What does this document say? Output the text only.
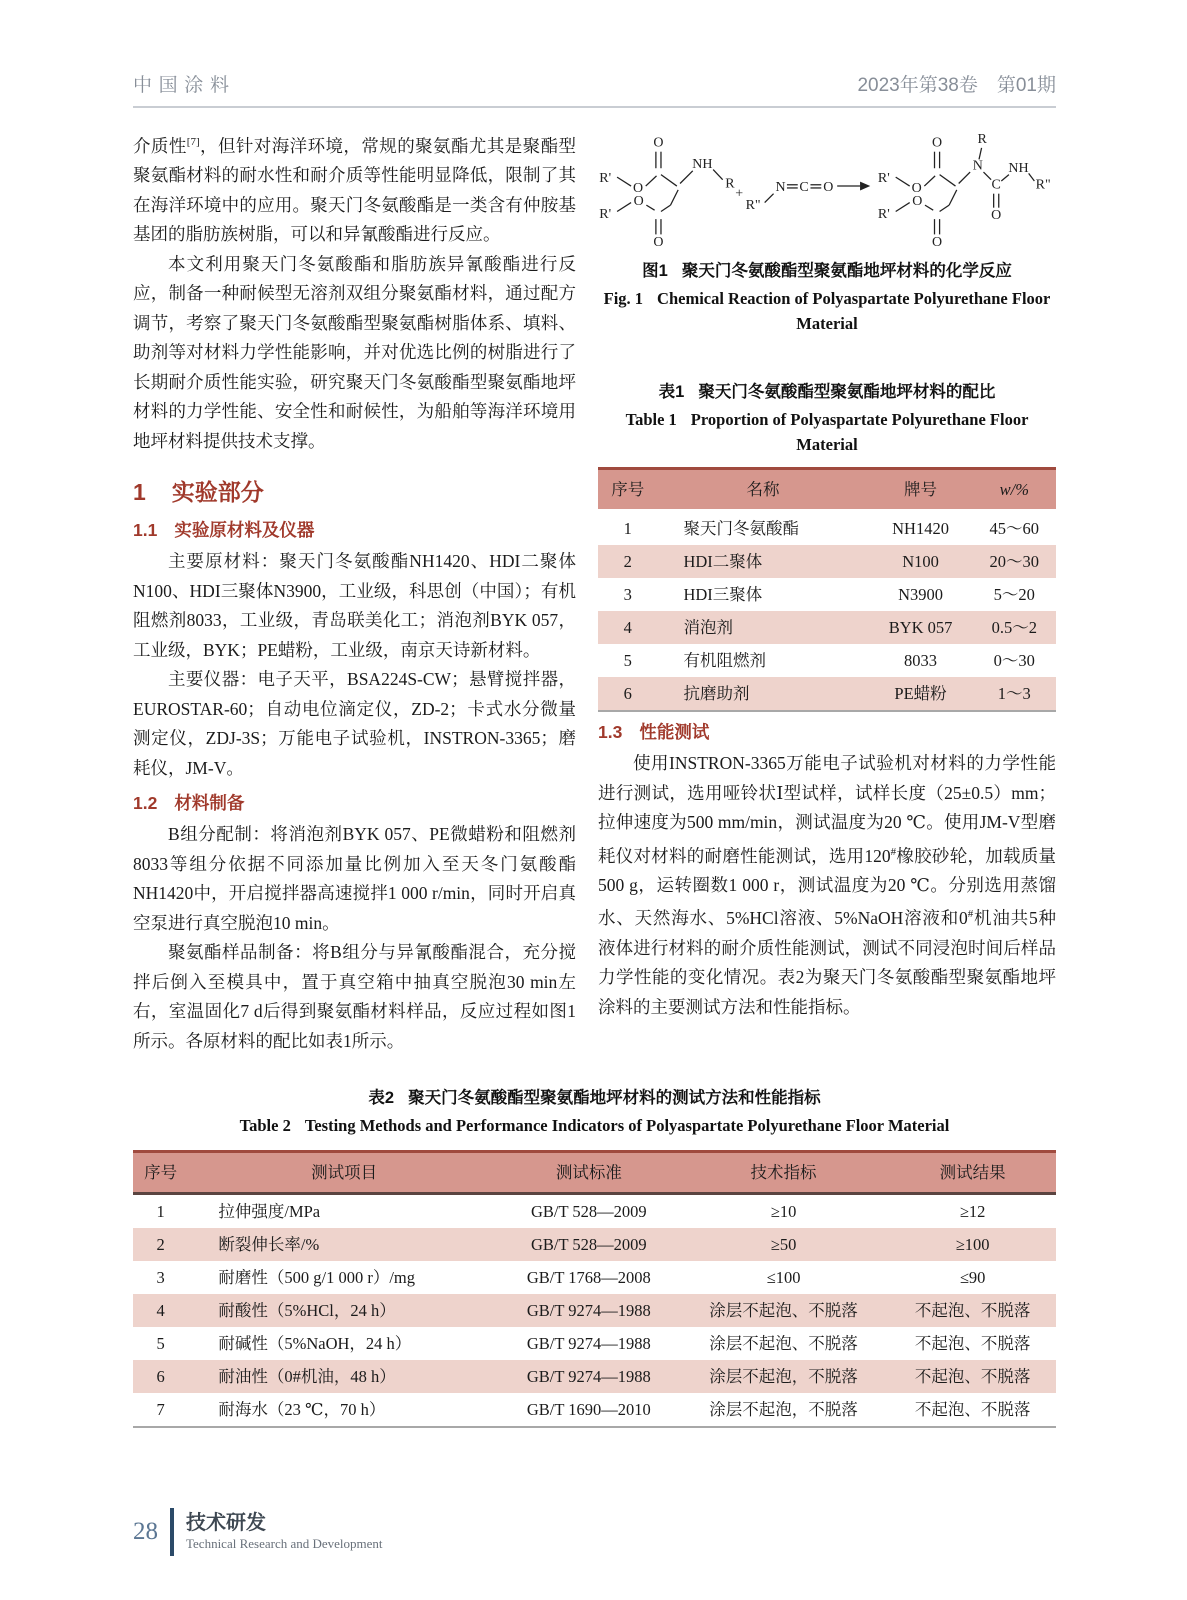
中国涂料	2023年第38卷　第01期

介质性[7]，但针对海洋环境，常规的聚氨酯尤其是聚酯型聚氨酯材料的耐水性和耐介质等性能明显降低，限制了其在海洋环境中的应用。聚天门冬氨酸酯是一类含有仲胺基基团的脂肪族树脂，可以和异氰酸酯进行反应。

本文利用聚天门冬氨酸酯和脂肪族异氰酸酯进行反应，制备一种耐候型无溶剂双组分聚氨酯材料，通过配方调节，考察了聚天门冬氨酸酯型聚氨酯树脂体系、填料、助剂等对材料力学性能影响，并对优选比例的树脂进行了长期耐介质性能实验，研究聚天门冬氨酸酯型聚氨酯地坪材料的力学性能、安全性和耐候性，为船舶等海洋环境用地坪材料提供技术支撑。

1 实验部分
1.1 实验原材料及仪器

主要原材料：聚天门冬氨酸酯NH1420、HDI二聚体N100、HDI三聚体N3900，工业级，科思创（中国）；有机阻燃剂8033，工业级，青岛联美化工；消泡剂BYK 057，工业级，BYK；PE蜡粉，工业级，南京天诗新材料。

主要仪器：电子天平，BSA224S-CW；悬臂搅拌器，EUROSTAR-60；自动电位滴定仪，ZD-2；卡式水分微量测定仪，ZDJ-3S；万能电子试验机，INSTRON-3365；磨耗仪，JM-V。

1.2 材料制备

B组分配制：将消泡剂BYK 057、PE微蜡粉和阻燃剂8033等组分依据不同添加量比例加入至天冬门氨酸酯NH1420中，开启搅拌器高速搅拌1 000 r/min，同时开启真空泵进行真空脱泡10 min。

聚氨酯样品制备：将B组分与异氰酸酯混合，充分搅拌后倒入至模具中，置于真空箱中抽真空脱泡30 min左右，室温固化7 d后得到聚氨酯材料样品，反应过程如图1所示。各原材料的配比如表1所示。

R'
O
O
NH
R
O
O
R'
+
R"
N C O
R'
O
O
N
R
C
O
NH
R"
O
O
R'
图1 聚天门冬氨酸酯型聚氨酯地坪材料的化学反应
Fig. 1 Chemical Reaction of Polyaspartate Polyurethane Floor Material
表1 聚天门冬氨酸酯型聚氨酯地坪材料的配比
Table 1 Proportion of Polyaspartate Polyurethane Floor Material
序号	名称	牌号	w/%
1	聚天门冬氨酸酯	NH1420	45～60
2	HDI二聚体	N100	20～30
3	HDI三聚体	N3900	5～20
4	消泡剂	BYK 057	0.5～2
5	有机阻燃剂	8033	0～30
6	抗磨助剂	PE蜡粉	1～3
1.3 性能测试

使用INSTRON-3365万能电子试验机对材料的力学性能进行测试，选用哑铃状Ⅰ型试样，试样长度（25±0.5）mm；拉伸速度为500 mm/min，测试温度为20 ℃。使用JM-V型磨耗仪对材料的耐磨性能测试，选用120#橡胶砂轮，加载质量500 g，运转圈数1 000 r，测试温度为20 ℃。分别选用蒸馏水、天然海水、5%HCl溶液、5%NaOH溶液和0#机油共5种液体进行材料的耐介质性能测试，测试不同浸泡时间后样品力学性能的变化情况。表2为聚天门冬氨酸酯型聚氨酯地坪涂料的主要测试方法和性能指标。

表2 聚天门冬氨酸酯型聚氨酯地坪材料的测试方法和性能指标
Table 2 Testing Methods and Performance Indicators of Polyaspartate Polyurethane Floor Material
序号	测试项目	测试标准	技术指标	测试结果
1	拉伸强度/MPa	GB/T 528—2009	≥10	≥12
2	断裂伸长率/%	GB/T 528—2009	≥50	≥100
3	耐磨性（500 g/1 000 r）/mg	GB/T 1768—2008	≤100	≤90
4	耐酸性（5%HCl，24 h）	GB/T 9274—1988	涂层不起泡、不脱落	不起泡、不脱落
5	耐碱性（5%NaOH，24 h）	GB/T 9274—1988	涂层不起泡、不脱落	不起泡、不脱落
6	耐油性（0#机油，48 h）	GB/T 9274—1988	涂层不起泡，不脱落	不起泡、不脱落
7	耐海水（23 ℃，70 h）	GB/T 1690—2010	涂层不起泡，不脱落	不起泡、不脱落
28 技术研发
Technical Research and Development
